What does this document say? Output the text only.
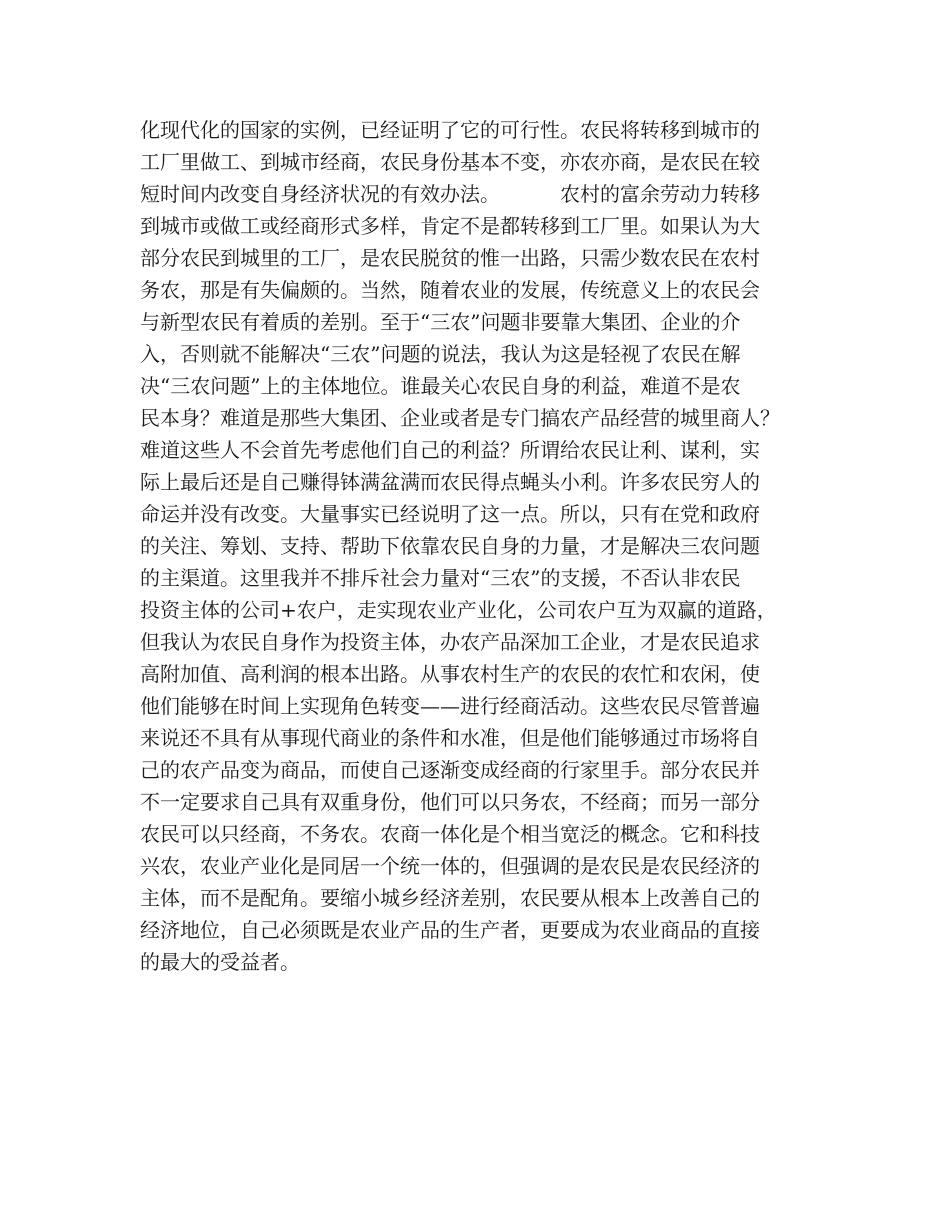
化现代化的国家的实例，已经证明了它的可行性。农民将转移到城市的
工厂里做工、到城市经商，农民身份基本不变，亦农亦商，是农民在较
短时间内改变自身经济状况的有效办法。	农村的富余劳动力转移
到城市或做工或经商形式多样，肯定不是都转移到工厂里。如果认为大
部分农民到城里的工厂，是农民脱贫的惟一出路，只需少数农民在农村
务农，那是有失偏颇的。当然，随着农业的发展，传统意义上的农民会
与新型农民有着质的差别。至于“三农”问题非要靠大集团、企业的介
入，否则就不能解决“三农”问题的说法，我认为这是轻视了农民在解
决“三农问题”上的主体地位。谁最关心农民自身的利益，难道不是农
民本身？难道是那些大集团、企业或者是专门搞农产品经营的城里商人？
难道这些人不会首先考虑他们自己的利益？所谓给农民让利、谋利，实
际上最后还是自己赚得钵满盆满而农民得点蝇头小利。许多农民穷人的
命运并没有改变。大量事实已经说明了这一点。所以，只有在党和政府
的关注、筹划、支持、帮助下依靠农民自身的力量，才是解决三农问题
的主渠道。这里我并不排斥社会力量对“三农”的支援，不否认非农民
投资主体的公司+农户，走实现农业产业化，公司农户互为双赢的道路，
但我认为农民自身作为投资主体，办农产品深加工企业，才是农民追求
高附加值、高利润的根本出路。从事农村生产的农民的农忙和农闲，使
他们能够在时间上实现角色转变——进行经商活动。这些农民尽管普遍
来说还不具有从事现代商业的条件和水准，但是他们能够通过市场将自
己的农产品变为商品，而使自己逐渐变成经商的行家里手。部分农民并
不一定要求自己具有双重身份，他们可以只务农，不经商；而另一部分
农民可以只经商，不务农。农商一体化是个相当宽泛的概念。它和科技
兴农，农业产业化是同居一个统一体的，但强调的是农民是农民经济的
主体，而不是配角。要缩小城乡经济差别，农民要从根本上改善自己的
经济地位，自己必须既是农业产品的生产者，更要成为农业商品的直接
的最大的受益者。
